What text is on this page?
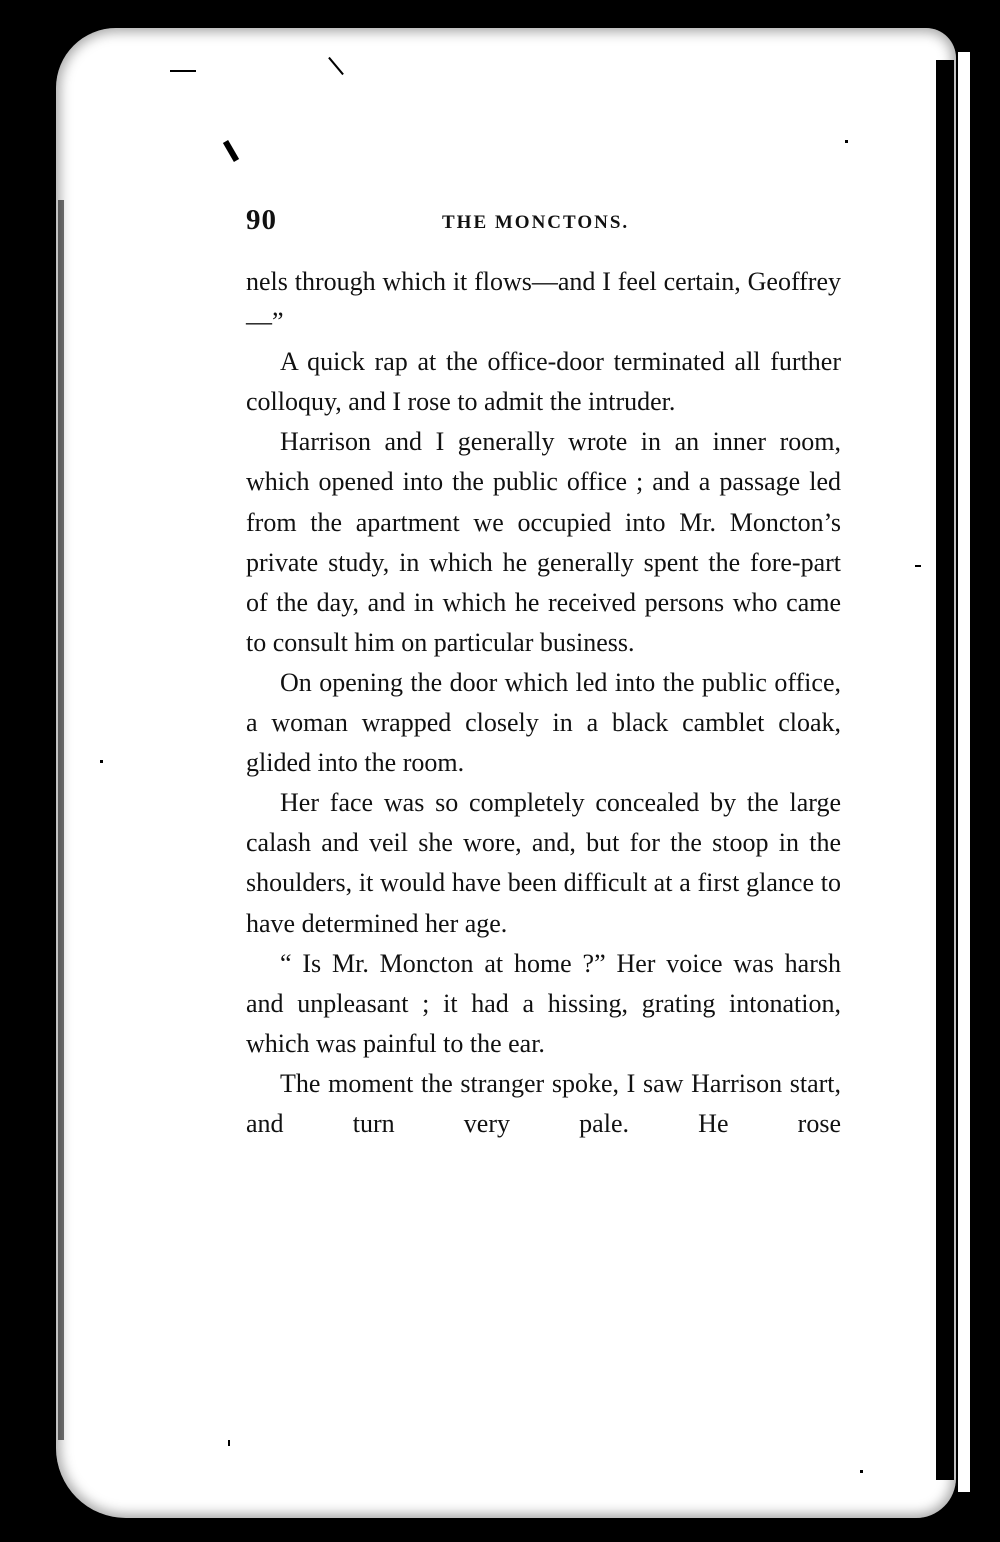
90	THE MONCTONS.

nels through which it flows—and I feel certain, Geoffrey—”

A quick rap at the office-door terminated all further colloquy, and I rose to admit the intruder.

Harrison and I generally wrote in an inner room, which opened into the public office ; and a passage led from the apartment we occupied into Mr. Moncton’s private study, in which he generally spent the fore-part of the day, and in which he received persons who came to consult him on particular business.

On opening the door which led into the public office, a woman wrapped closely in a black camblet cloak, glided into the room.

Her face was so completely concealed by the large calash and veil she wore, and, but for the stoop in the shoulders, it would have been difficult at a first glance to have determined her age.

“ Is Mr. Moncton at home ?” Her voice was harsh and unpleasant ; it had a hissing, grating intonation, which was painful to the ear.

The moment the stranger spoke, I saw Harrison start, and turn very pale. He rose
